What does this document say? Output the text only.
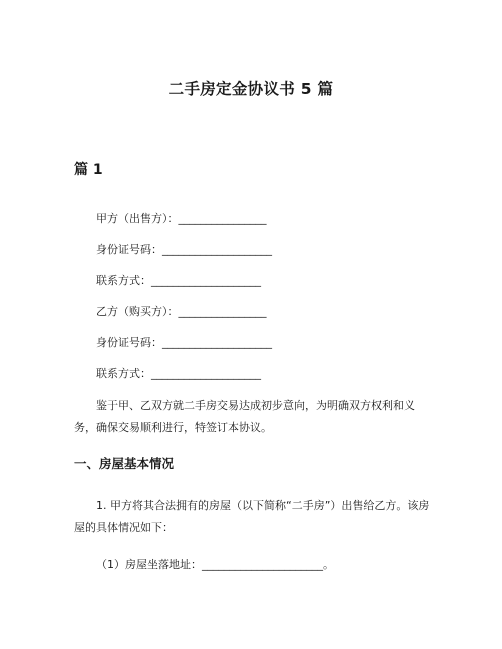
二手房定金协议书 5 篇
篇 1
甲方（出售方）：________________
身份证号码：____________________
联系方式：____________________
乙方（购买方）：________________
身份证号码：____________________
联系方式：____________________
鉴于甲、乙双方就二手房交易达成初步意向，为明确双方权利和义务，确保交易顺利进行，特签订本协议。
一、房屋基本情况
1. 甲方将其合法拥有的房屋（以下简称“二手房”）出售给乙方。该房屋的具体情况如下：
（1）房屋坐落地址：______________________。
